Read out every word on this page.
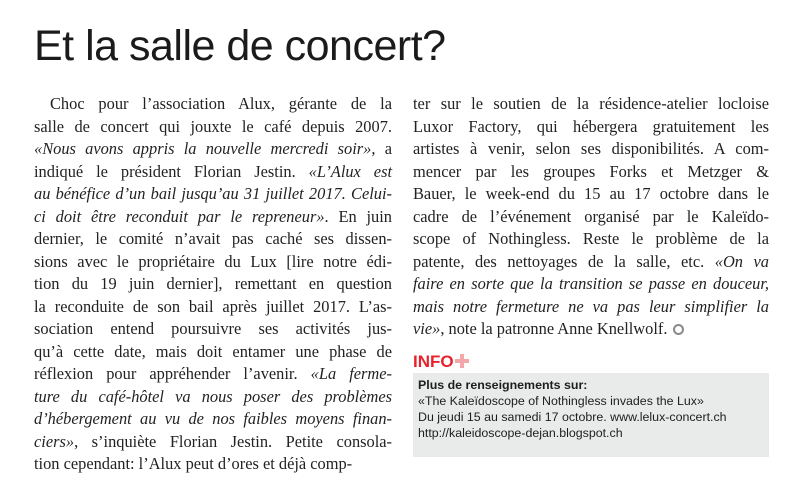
Et la salle de concert?
Choc pour l’association Alux, gérante de la
salle de concert qui jouxte le café depuis 2007.
«Nous avons appris la nouvelle mercredi soir», a
indiqué le président Florian Jestin. «L’Alux est
au bénéfice d’un bail jusqu’au 31 juillet 2017. Celui-
ci doit être reconduit par le repreneur». En juin
dernier, le comité n’avait pas caché ses dissen-
sions avec le propriétaire du Lux [lire notre édi-
tion du 19 juin dernier], remettant en question
la reconduite de son bail après juillet 2017. L’as-
sociation entend poursuivre ses activités jus-
qu’à cette date, mais doit entamer une phase de
réflexion pour appréhender l’avenir. «La ferme-
ture du café-hôtel va nous poser des problèmes
d’hébergement au vu de nos faibles moyens finan-
ciers», s’inquiète Florian Jestin. Petite consola-
tion cependant: l’Alux peut d’ores et déjà comp-
ter sur le soutien de la résidence-atelier locloise
Luxor Factory, qui hébergera gratuitement les
artistes à venir, selon ses disponibilités. A com-
mencer par les groupes Forks et Metzger &
Bauer, le week-end du 15 au 17 octobre dans le
cadre de l’événement organisé par le Kaleïdo-
scope of Nothingless. Reste le problème de la
patente, des nettoyages de la salle, etc. «On va
faire en sorte que la transition se passe en douceur,
mais notre fermeture ne va pas leur simplifier la
vie», note la patronne Anne Knellwolf.
INFO
Plus de renseignements sur:
«The Kaleïdoscope of Nothingless invades the Lux»
Du jeudi 15 au samedi 17 octobre. www.lelux-concert.ch
http://kaleidoscope-dejan.blogspot.ch
